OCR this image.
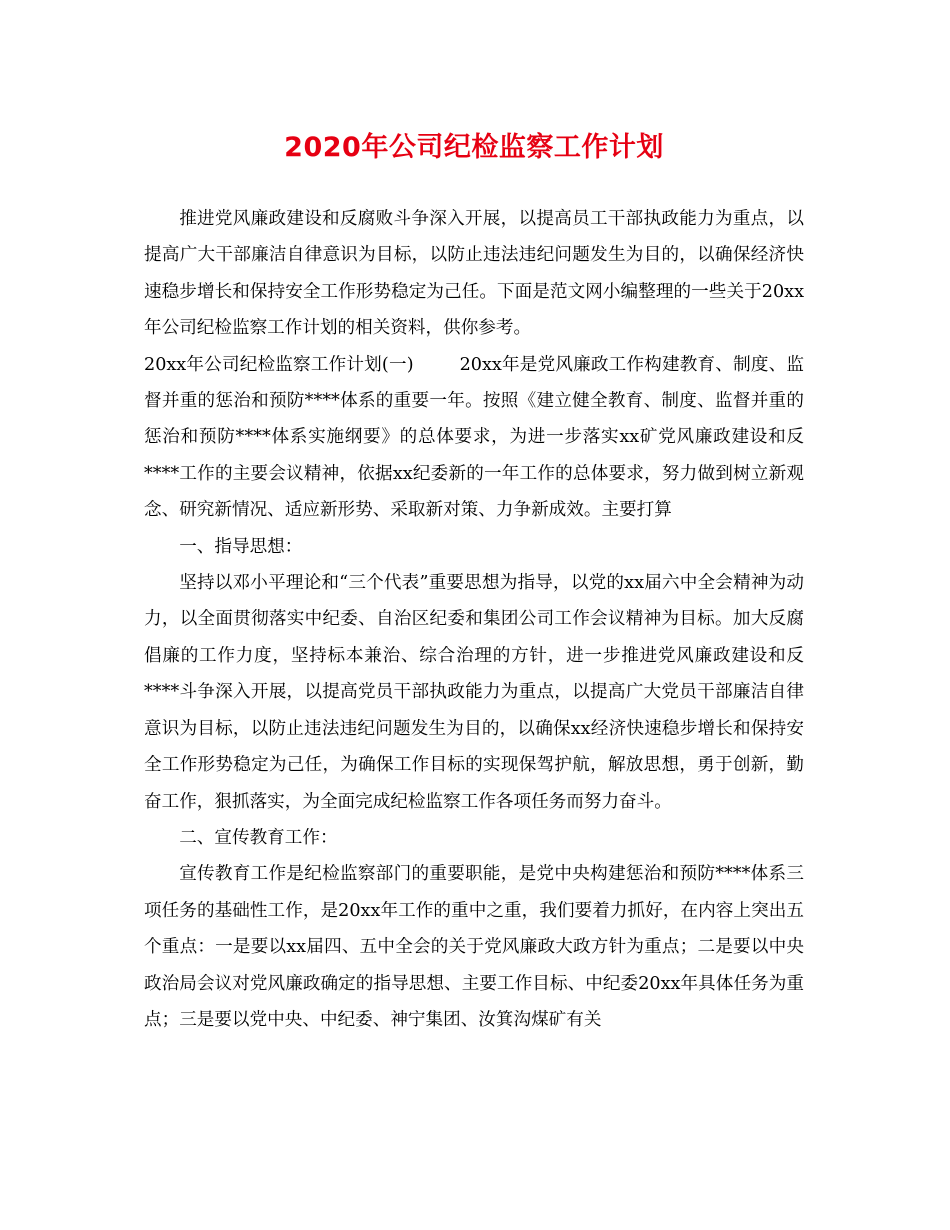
2020年公司纪检监察工作计划

推进党风廉政建设和反腐败斗争深入开展，以提高员工干部执政能力为重点，以提高广大干部廉洁自律意识为目标，以防止违法违纪问题发生为目的，以确保经济快速稳步增长和保持安全工作形势稳定为己任。下面是范文网小编整理的一些关于20xx年公司纪检监察工作计划的相关资料，供你参考。

20xx年公司纪检监察工作计划(一)	20xx年是党风廉政工作构建教育、制度、监督并重的惩治和预防****体系的重要一年。按照《建立健全教育、制度、监督并重的惩治和预防****体系实施纲要》的总体要求，为进一步落实xx矿党风廉政建设和反****工作的主要会议精神，依据xx纪委新的一年工作的总体要求，努力做到树立新观念、研究新情况、适应新形势、采取新对策、力争新成效。主要打算

一、指导思想：

坚持以邓小平理论和“三个代表”重要思想为指导，以党的xx届六中全会精神为动力，以全面贯彻落实中纪委、自治区纪委和集团公司工作会议精神为目标。加大反腐倡廉的工作力度，坚持标本兼治、综合治理的方针，进一步推进党风廉政建设和反****斗争深入开展，以提高党员干部执政能力为重点，以提高广大党员干部廉洁自律意识为目标，以防止违法违纪问题发生为目的，以确保xx经济快速稳步增长和保持安全工作形势稳定为己任，为确保工作目标的实现保驾护航，解放思想，勇于创新，勤奋工作，狠抓落实，为全面完成纪检监察工作各项任务而努力奋斗。

二、宣传教育工作：

宣传教育工作是纪检监察部门的重要职能，是党中央构建惩治和预防****体系三项任务的基础性工作，是20xx年工作的重中之重，我们要着力抓好，在内容上突出五个重点：一是要以xx届四、五中全会的关于党风廉政大政方针为重点；二是要以中央政治局会议对党风廉政确定的指导思想、主要工作目标、中纪委20xx年具体任务为重点；三是要以党中央、中纪委、神宁集团、汝箕沟煤矿有关
